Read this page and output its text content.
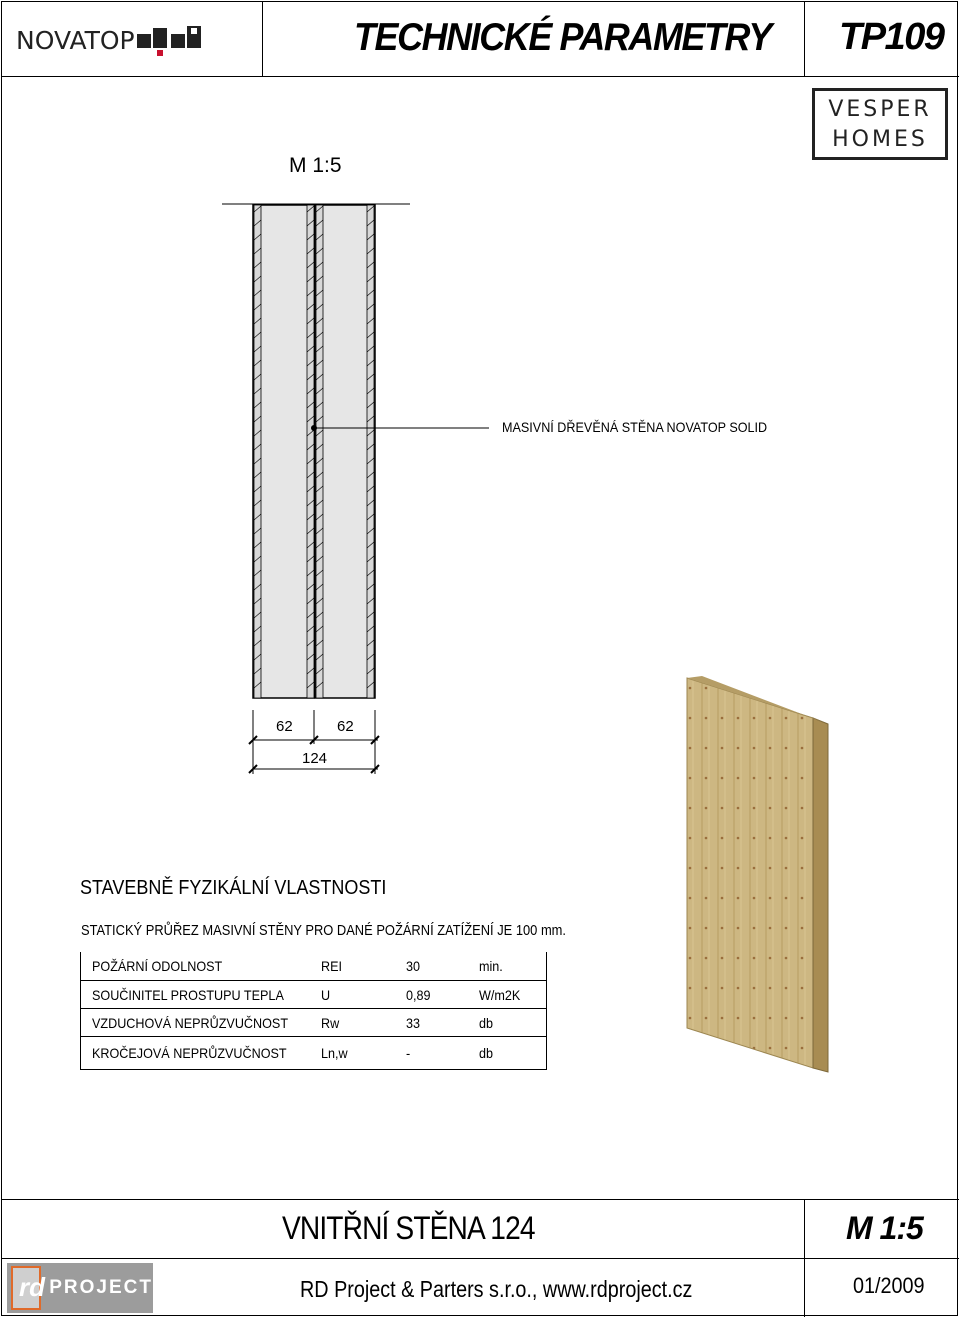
NOVATOP	TECHNICKÉ PARAMETRY TP109
VESPER
HOMES
M 1:5
MASIVNÍ DŘEVĚNÁ STĚNA NOVATOP SOLID
62	62
124
STAVEBNĚ FYZIKÁLNÍ VLASTNOSTI
STATICKÝ PRŮŘEZ MASIVNÍ STĚNY PRO DANÉ POŽÁRNÍ ZATÍŽENÍ JE 100 mm.
POŽÁRNÍ ODOLNOST	REI	30	min.
SOUČINITEL PROSTUPU TEPLA	U	0,89	W/m2K
VZDUCHOVÁ NEPRŮZVUČNOST	Rw	33	db
KROČEJOVÁ NEPRŮZVUČNOST	Ln,w	-	db
VNITŘNÍ STĚNA 124	M 1:5
rd PROJECT	RD Project & Parters s.r.o., www.rdproject.cz	01/2009
